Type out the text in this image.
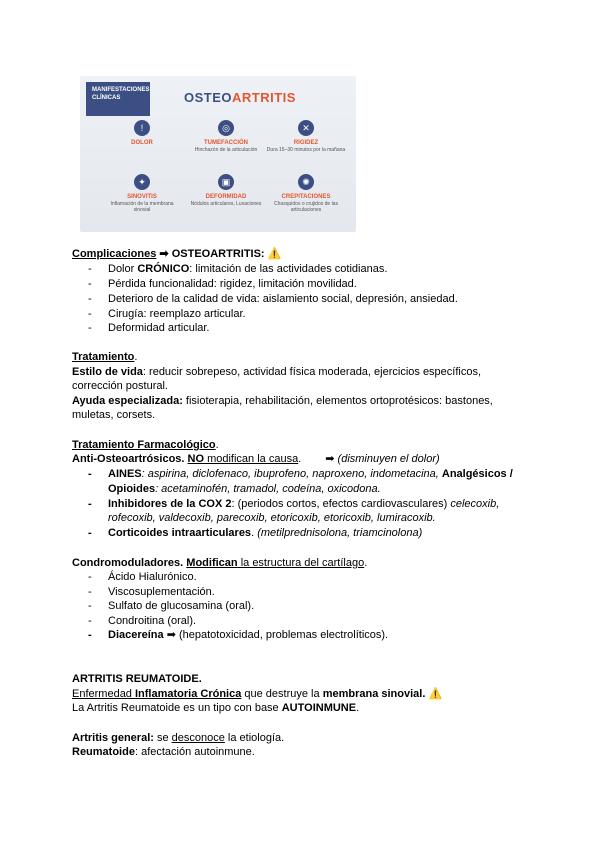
MANIFESTACIONES CLÍNICAS	OSTEOARTRITIS
!
DOLOR
◎
TUMEFACCIÓN
Hinchazón de la articulación
✕
RIGIDEZ
Dura 15–30 minutos por la mañana
✦
SINOVITIS
Inflamación de la membrana sinovial
▣
DEFORMIDAD
Nódulos articulares, Luxaciones
✺
CREPITACIONES
Chasquidos o crujidos de las articulaciones
Complicaciones ➡ OSTEOARTRITIS: ⚠️
- Dolor CRÓNICO: limitación de las actividades cotidianas.
- Pérdida funcionalidad: rigidez, limitación movilidad.
- Deterioro de la calidad de vida: aislamiento social, depresión, ansiedad.
- Cirugía: reemplazo articular.
- Deformidad articular.
Tratamiento.
Estilo de vida: reducir sobrepeso, actividad física moderada, ejercicios específicos,
corrección postural.
Ayuda especializada: fisioterapia, rehabilitación, elementos ortoprotésicos: bastones,
muletas, corsets.
Tratamiento Farmacológico.
Anti-Osteoartrósicos. NO modifican la causa. ➡ (disminuyen el dolor)
- AINES: aspirina, diclofenaco, ibuprofeno, naproxeno, indometacina, Analgésicos /
Opioides: acetaminofén, tramadol, codeína, oxicodona.
- Inhibidores de la COX 2: (periodos cortos, efectos cardiovasculares) celecoxib,
rofecoxib, valdecoxib, parecoxib, etoricoxib, etoricoxib, lumiracoxib.
- Corticoides intraarticulares. (metilprednisolona, triamcinolona)
Condromoduladores. Modifican la estructura del cartílago.
- Ácido Hialurónico.
- Viscosuplementación.
- Sulfato de glucosamina (oral).
- Condroitina (oral).
- Diacereína ➡ (hepatotoxicidad, problemas electrolíticos).
ARTRITIS REUMATOIDE.
Enfermedad Inflamatoria Crónica que destruye la membrana sinovial. ⚠️
La Artritis Reumatoide es un tipo con base AUTOINMUNE.
Artritis general: se desconoce la etiología.
Reumatoide: afectación autoinmune.
